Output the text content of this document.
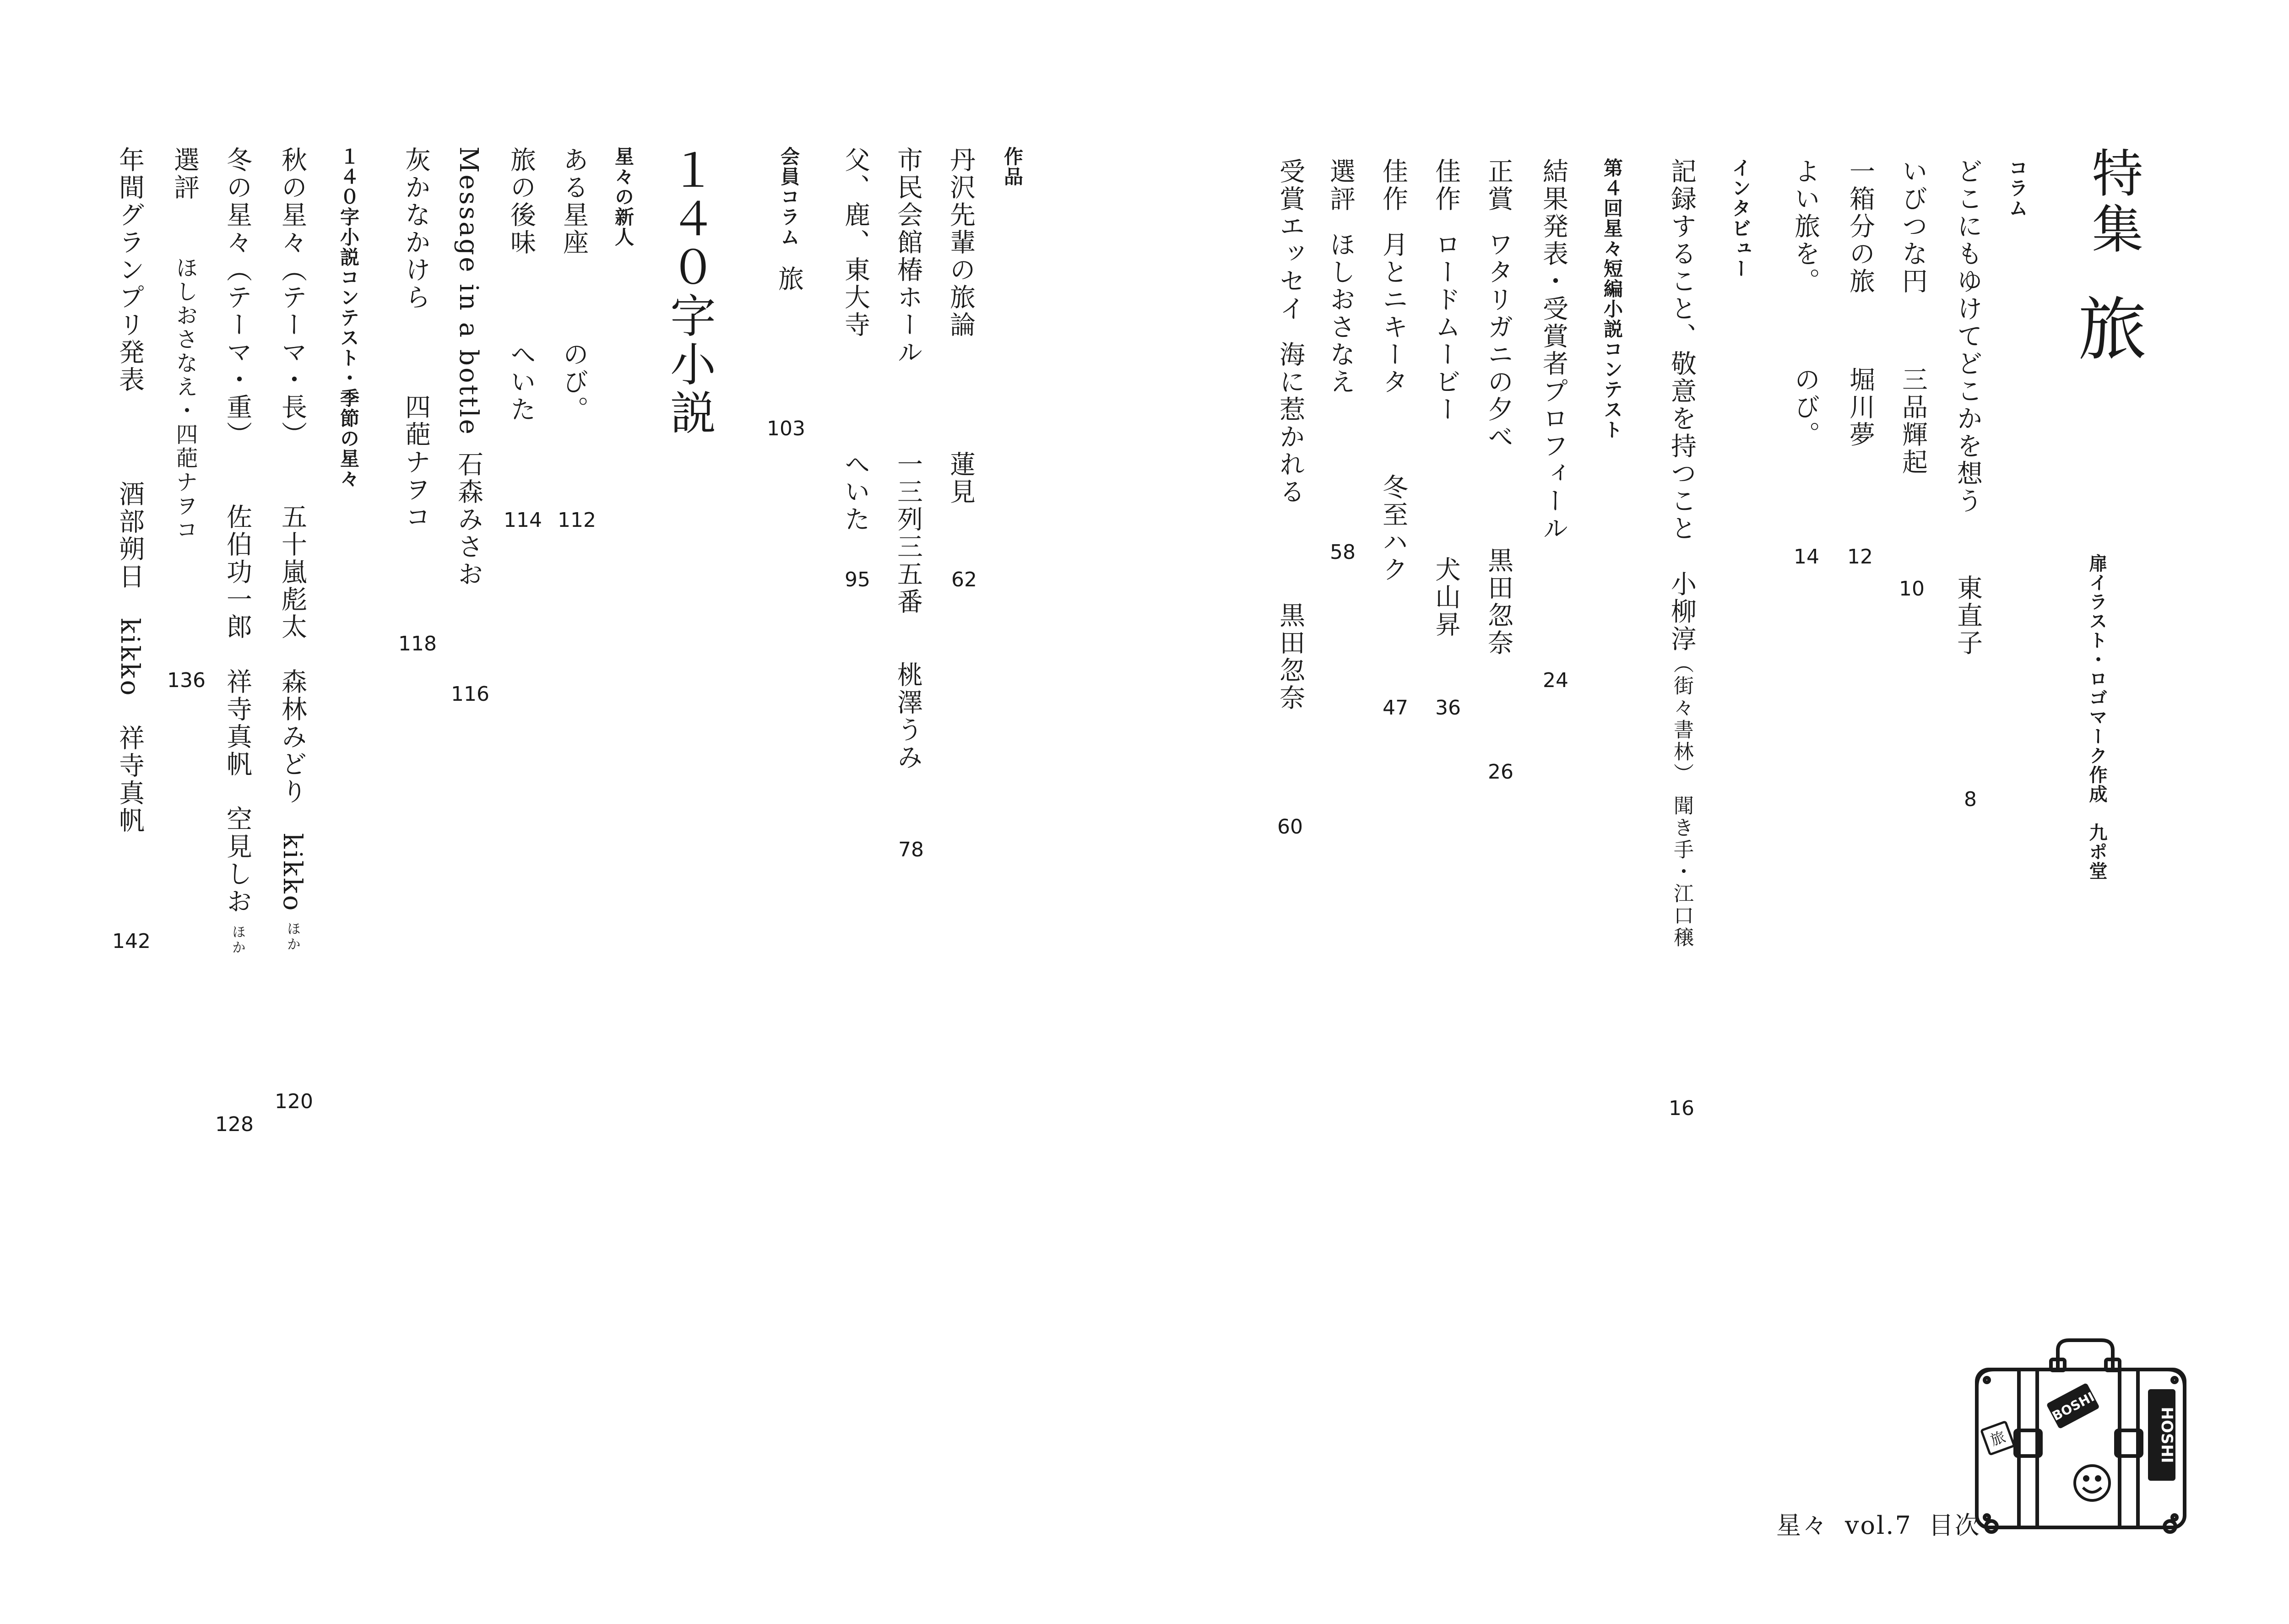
特集
旅
扉イラスト・ロゴマーク作成　九ポ堂
コラム
どこにもゆけてどこかを想う
東直子
8
いびつな円
三品輝起
10
一箱分の旅
堀川夢
12
よい旅を。
のび。
14
インタビュー
記録すること、敬意を持つこと 小柳淳（街々書林） 聞き手・江口穣
16
第４回星々短編小説コンテスト
結果発表・受賞者プロフィール
24
正賞ワタリガニの夕べ
黒田忽奈
26
佳作ロードムービー
犬山昇
36
佳作月とニキータ
冬至ハク
47
選評ほしおさなえ
58
受賞エッセイ海に惹かれる
黒田忽奈
60
作品
丹沢先輩の旅論
蓮見
62
市民会館椿ホール
一三列三五番
桃澤うみ
78
父、鹿、東大寺
へいた
95
会員コラム旅
103
１４０字小説
星々の新人
ある星座
のび。
112
旅の後味
へいた
114
Message in a bottle
石森みさお
116
灰かなかけら
四葩ナヲコ
118
１４０字小説コンテスト・季節の星々
秋の星々（テーマ・長）
五十嵐彪太　森林みどり　kikkoほか
120
冬の星々（テーマ・重）
佐伯功一郎　祥寺真帆　空見しおほか
128
選評
ほしおさなえ・四葩ナヲコ
136
年間グランプリ発表
酒部朔日　kikko　祥寺真帆
142
星々 vol.7 目次
BOSHI
HOSHI
旅
